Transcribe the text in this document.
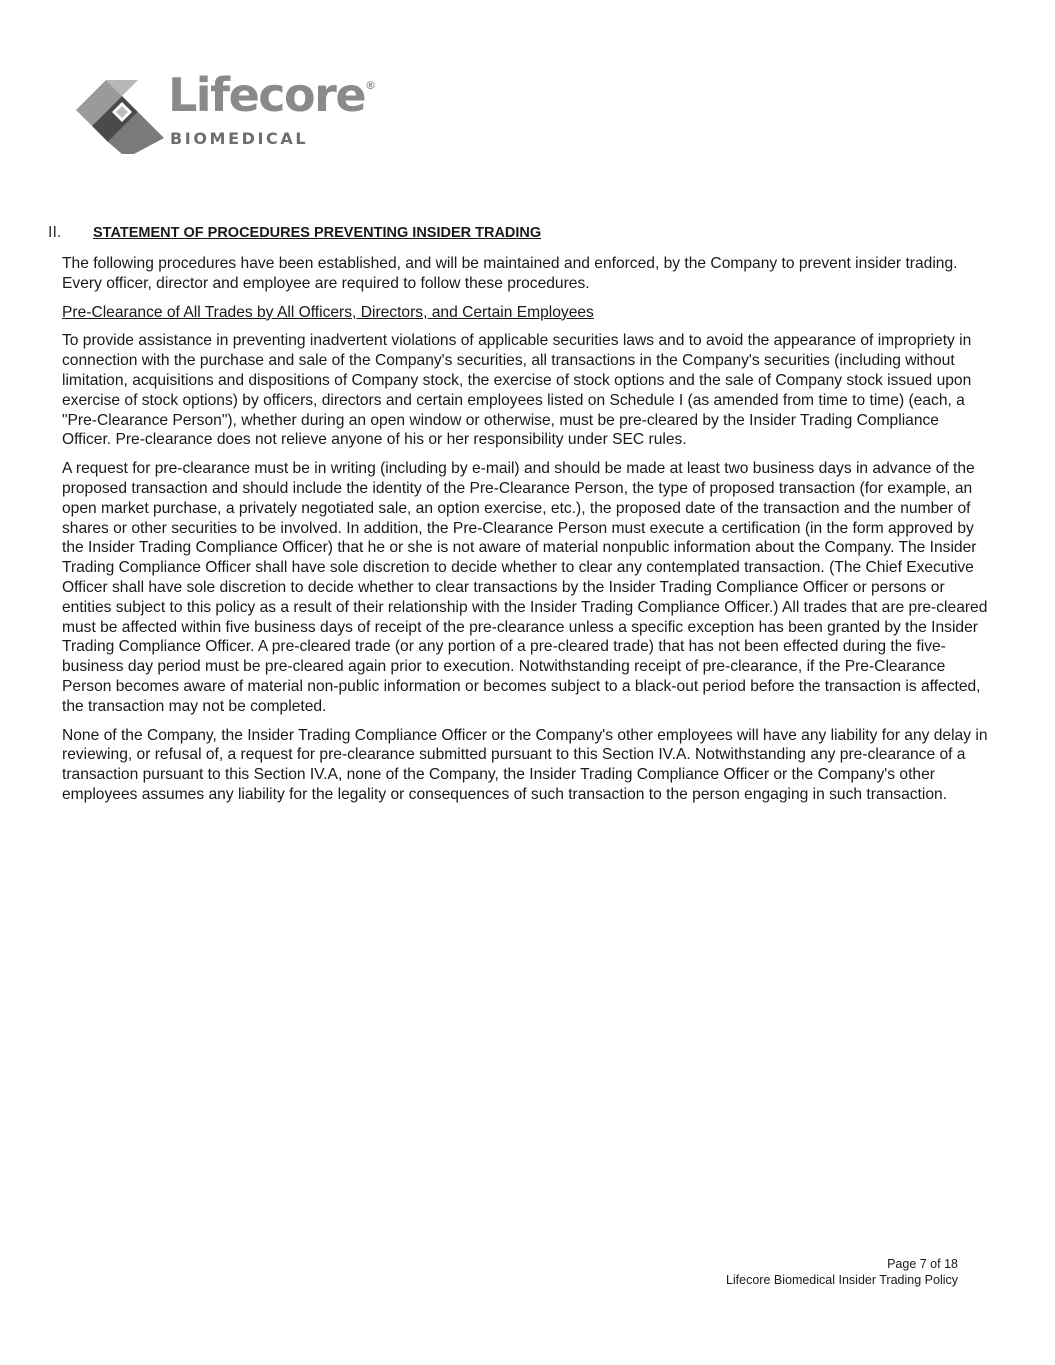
Lifecore®
BIOMEDICAL
II. STATEMENT OF PROCEDURES PREVENTING INSIDER TRADING

The following procedures have been established, and will be maintained and enforced, by the Company to prevent insider trading. Every officer, director and employee are required to follow these procedures.

Pre-Clearance of All Trades by All Officers, Directors, and Certain Employees

To provide assistance in preventing inadvertent violations of applicable securities laws and to avoid the appearance of impropriety in connection with the purchase and sale of the Company's securities, all transactions in the Company's securities (including without limitation, acquisitions and dispositions of Company stock, the exercise of stock options and the sale of Company stock issued upon exercise of stock options) by officers, directors and certain employees listed on Schedule I (as amended from time to time) (each, a "Pre-Clearance Person"), whether during an open window or otherwise, must be pre-cleared by the Insider Trading Compliance Officer. Pre-clearance does not relieve anyone of his or her responsibility under SEC rules.

A request for pre-clearance must be in writing (including by e-mail) and should be made at least two business days in advance of the proposed transaction and should include the identity of the Pre-Clearance Person, the type of proposed transaction (for example, an open market purchase, a privately negotiated sale, an option exercise, etc.), the proposed date of the transaction and the number of shares or other securities to be involved. In addition, the Pre-Clearance Person must execute a certification (in the form approved by the Insider Trading Compliance Officer) that he or she is not aware of material nonpublic information about the Company. The Insider Trading Compliance Officer shall have sole discretion to decide whether to clear any contemplated transaction. (The Chief Executive Officer shall have sole discretion to decide whether to clear transactions by the Insider Trading Compliance Officer or persons or entities subject to this policy as a result of their relationship with the Insider Trading Compliance Officer.) All trades that are pre-cleared must be affected within five business days of receipt of the pre-clearance unless a specific exception has been granted by the Insider Trading Compliance Officer. A pre-cleared trade (or any portion of a pre-cleared trade) that has not been effected during the five-business day period must be pre-cleared again prior to execution. Notwithstanding receipt of pre-clearance, if the Pre-Clearance Person becomes aware of material non-public information or becomes subject to a black-out period before the transaction is affected, the transaction may not be completed.

None of the Company, the Insider Trading Compliance Officer or the Company's other employees will have any liability for any delay in reviewing, or refusal of, a request for pre-clearance submitted pursuant to this Section IV.A. Notwithstanding any pre-clearance of a transaction pursuant to this Section IV.A, none of the Company, the Insider Trading Compliance Officer or the Company's other employees assumes any liability for the legality or consequences of such transaction to the person engaging in such transaction.

Page 7 of 18
Lifecore Biomedical Insider Trading Policy
